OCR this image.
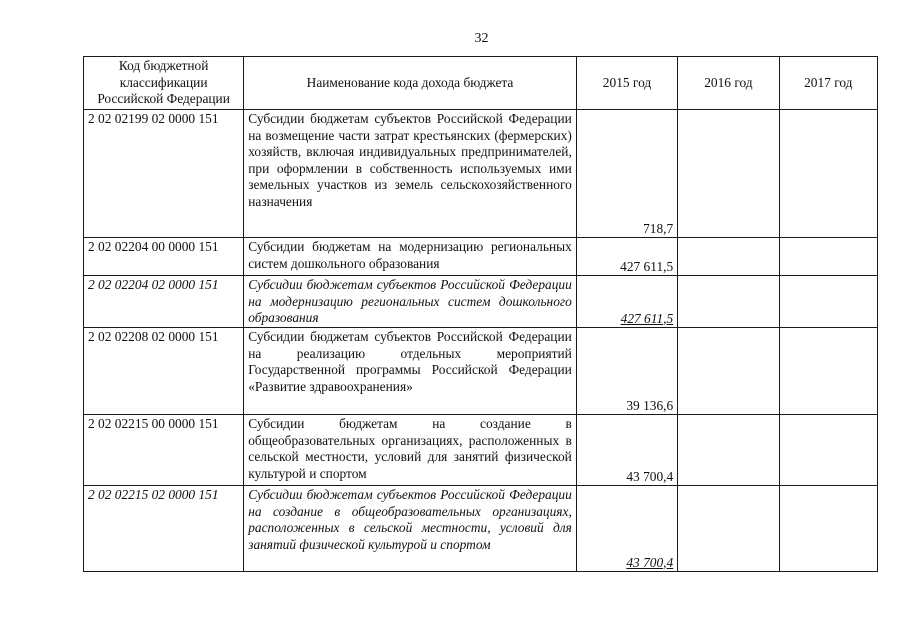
32
Код бюджетной классификации Российской Федерации	Наименование кода дохода бюджета	2015 год	2016 год	2017 год
2 02 02199 02 0000 151	Субсидии бюджетам субъектов Российской Федерации на возмещение части затрат крестьянских (фермерских) хозяйств, включая индивидуальных предпринимателей, при оформлении в собственность используемых ими земельных участков из земель сельскохозяйственного назначения	718,7		
2 02 02204 00 0000 151	Субсидии бюджетам на модернизацию региональных систем дошкольного образования	427 611,5		
2 02 02204 02 0000 151	Субсидии бюджетам субъектов Российской Федерации на модернизацию региональных систем дошкольного образования	427 611,5		
2 02 02208 02 0000 151	Субсидии бюджетам субъектов Российской Федерации на реализацию отдельных мероприятий Государственной программы Российской Федерации «Развитие здравоохранения»	39 136,6		
2 02 02215 00 0000 151	Субсидии бюджетам на создание в общеобразовательных организациях, расположенных в сельской местности, условий для занятий физической культурой и спортом	43 700,4		
2 02 02215 02 0000 151	Субсидии бюджетам субъектов Российской Федерации на создание в общеобразовательных организациях, расположенных в сельской местности, условий для занятий физической культурой и спортом	43 700,4		
